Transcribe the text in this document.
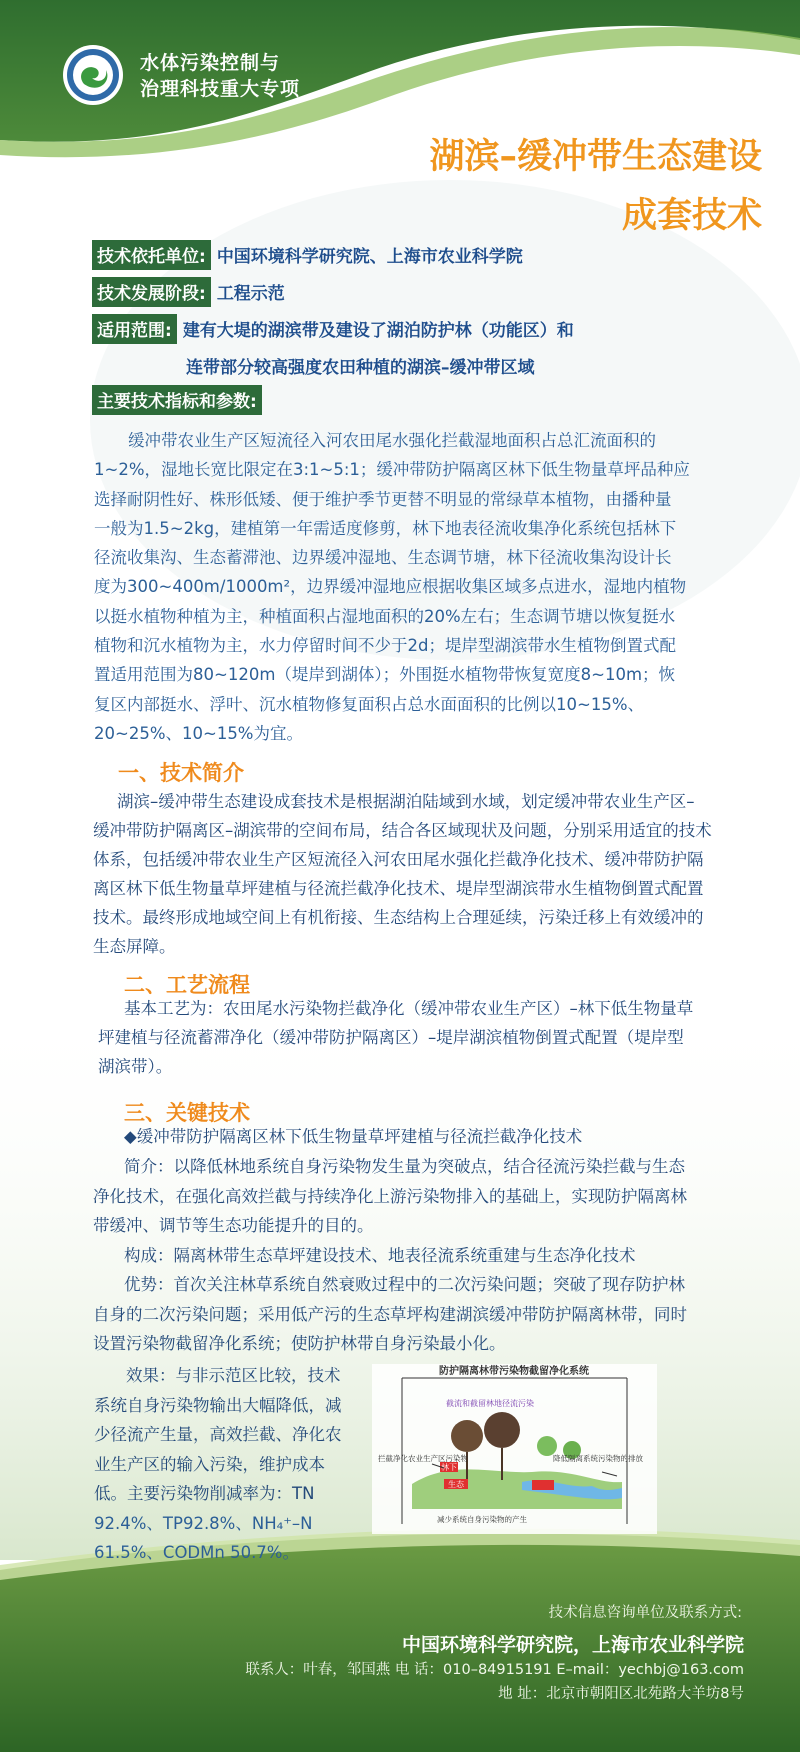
水体污染控制与
治理科技重大专项
湖滨–缓冲带生态建设
成套技术
技术依托单位: 中国环境科学研究院、上海市农业科学院
技术发展阶段: 工程示范
适用范围: 建有大堤的湖滨带及建设了湖泊防护林（功能区）和
连带部分较高强度农田种植的湖滨–缓冲带区域
主要技术指标和参数:
缓冲带农业生产区短流径入河农田尾水强化拦截湿地面积占总汇流面积的
1~2%，湿地长宽比限定在3:1~5:1；缓冲带防护隔离区林下低生物量草坪品种应
选择耐阴性好、株形低矮、便于维护季节更替不明显的常绿草本植物，由播种量
一般为1.5~2kg，建植第一年需适度修剪，林下地表径流收集净化系统包括林下
径流收集沟、生态蓄滞池、边界缓冲湿地、生态调节塘，林下径流收集沟设计长
度为300~400m/1000m²，边界缓冲湿地应根据收集区域多点进水，湿地内植物
以挺水植物种植为主，种植面积占湿地面积的20%左右；生态调节塘以恢复挺水
植物和沉水植物为主，水力停留时间不少于2d；堤岸型湖滨带水生植物倒置式配
置适用范围为80~120m（堤岸到湖体）；外围挺水植物带恢复宽度8~10m；恢
复区内部挺水、浮叶、沉水植物修复面积占总水面面积的比例以10~15%、
20~25%、10~15%为宜。
一、技术简介
湖滨–缓冲带生态建设成套技术是根据湖泊陆域到水域，划定缓冲带农业生产区–
缓冲带防护隔离区–湖滨带的空间布局，结合各区域现状及问题，分别采用适宜的技术
体系，包括缓冲带农业生产区短流径入河农田尾水强化拦截净化技术、缓冲带防护隔
离区林下低生物量草坪建植与径流拦截净化技术、堤岸型湖滨带水生植物倒置式配置
技术。最终形成地域空间上有机衔接、生态结构上合理延续，污染迁移上有效缓冲的
生态屏障。
二、工艺流程
基本工艺为：农田尾水污染物拦截净化（缓冲带农业生产区）–林下低生物量草
坪建植与径流蓄滞净化（缓冲带防护隔离区）–堤岸湖滨植物倒置式配置（堤岸型
湖滨带）。
三、关键技术
◆缓冲带防护隔离区林下低生物量草坪建植与径流拦截净化技术
简介：以降低林地系统自身污染物发生量为突破点，结合径流污染拦截与生态
净化技术，在强化高效拦截与持续净化上游污染物排入的基础上，实现防护隔离林
带缓冲、调节等生态功能提升的目的。
构成：隔离林带生态草坪建设技术、地表径流系统重建与生态净化技术
优势：首次关注林草系统自然衰败过程中的二次污染问题；突破了现存防护林
自身的二次污染问题；采用低产污的生态草坪构建湖滨缓冲带防护隔离林带，同时
设置污染物截留净化系统；使防护林带自身污染最小化。
效果：与非示范区比较，技术
系统自身污染物输出大幅降低，减
少径流产生量，高效拦截、净化农
业生产区的输入污染，维护成本
低。主要污染物削减率为：TN
92.4%、TP92.8%、NH₄⁺–N
61.5%、CODMn 50.7%。
防护隔离林带污染物截留净化系统
林下
生态
截流和截留林地径流污染
拦截净化农业生产区污染物	降低隔离系统污染物的排放
减少系统自身污染物的产生
技术信息咨询单位及联系方式:
中国环境科学研究院，上海市农业科学院
联系人：叶春，邹国燕 电 话：010–84915191 E–mail：yechbj@163.com
地 址：北京市朝阳区北苑路大羊坊8号
